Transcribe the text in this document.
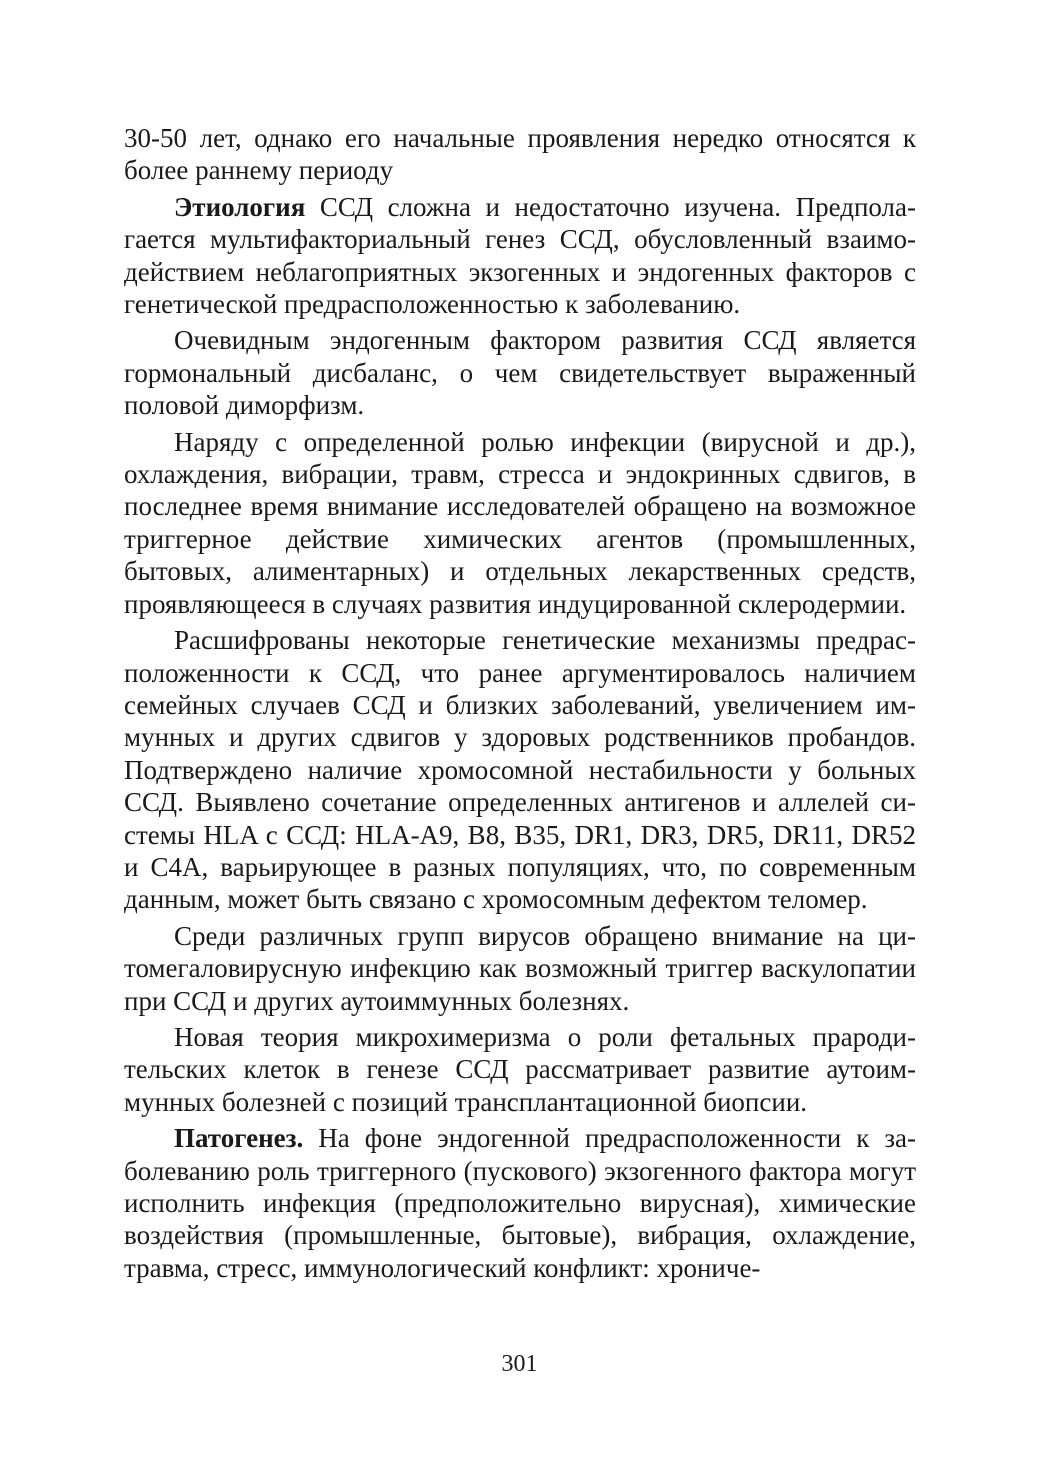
30-50 лет, однако его начальные проявления нередко относятся к более раннему периоду

Этиология ССД сложна и недостаточно изучена. Предполагается мультифакториальный генез ССД, обусловленный взаимодействием неблагоприятных экзогенных и эндогенных факторов с генетической предрасположенностью к заболеванию.

Очевидным эндогенным фактором развития ССД является гормональный дисбаланс, о чем свидетельствует выраженный половой диморфизм.

Наряду с определенной ролью инфекции (вирусной и др.), охлаждения, вибрации, травм, стресса и эндокринных сдвигов, в последнее время внимание исследователей обращено на возможное триггерное действие химических агентов (промышленных, бытовых, алиментарных) и отдельных лекарственных средств, проявляющееся в случаях развития индуцированной склеродермии.

Расшифрованы некоторые генетические механизмы предрасположенности к ССД, что ранее аргументировалось наличием семейных случаев ССД и близких заболеваний, увеличением иммунных и других сдвигов у здоровых родственников пробандов. Подтверждено наличие хромосомной нестабильности у больных ССД. Выявлено сочетание определенных антигенов и аллелей системы HLA с ССД: HLA-A9, B8, B35, DR1, DR3, DR5, DR11, DR52 и C4A, варьирующее в разных популяциях, что, по современным данным, может быть связано с хромосомным дефектом теломер.

Среди различных групп вирусов обращено внимание на цитомегаловирусную инфекцию как возможный триггер васкулопатии при ССД и других аутоиммунных болезнях.

Новая теория микрохимеризма о роли фетальных прародительских клеток в генезе ССД рассматривает развитие аутоиммунных болезней с позиций трансплантационной биопсии.

Патогенез. На фоне эндогенной предрасположенности к заболеванию роль триггерного (пускового) экзогенного фактора могут исполнить инфекция (предположительно вирусная), химические воздействия (промышленные, бытовые), вибрация, охлаждение, травма, стресс, иммунологический конфликт: хрониче-

301
